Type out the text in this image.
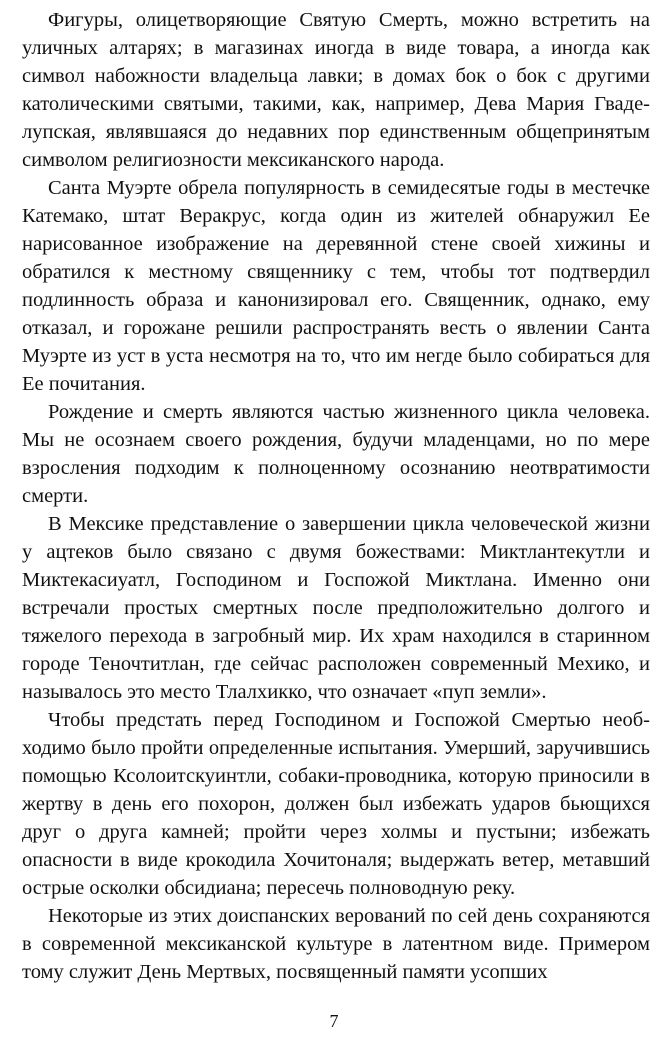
Фигуры, олицетворяющие Святую Смерть, можно встретить на уличных алтарях; в магазинах иногда в виде товара, а иногда как символ набожности владельца лавки; в домах бок о бок с другими католическими святыми, такими, как, например, Дева Мария Гваделупская, являвшаяся до недавних пор единственным общепринятым символом религиозности мексиканского народа.

Санта Муэрте обрела популярность в семидесятые годы в местечке Катемако, штат Веракрус, когда один из жителей обнаружил Ее нарисованное изображение на деревянной стене своей хижины и обратился к местному священнику с тем, чтобы тот подтвердил подлинность образа и канонизировал его. Священник, однако, ему отказал, и горожане решили распространять весть о явлении Санта Муэрте из уст в уста несмотря на то, что им негде было собираться для Ее почитания.

Рождение и смерть являются частью жизненного цикла человека. Мы не осознаем своего рождения, будучи младенцами, но по мере взросления подходим к полноценному осознанию неотвратимости смерти.

В Мексике представление о завершении цикла человеческой жизни у ацтеков было связано с двумя божествами: Миктлантекутли и Миктекасиуатл, Господином и Госпожой Миктлана. Именно они встречали простых смертных после предположительно долгого и тяжелого перехода в загробный мир. Их храм находился в старинном городе Теночтитлан, где сейчас расположен современный Мехико, и называлось это место Тлалхикко, что означает «пуп земли».

Чтобы предстать перед Господином и Госпожой Смертью необходимо было пройти определенные испытания. Умерший, заручившись помощью Ксолоитскуинтли, собаки-проводника, которую приносили в жертву в день его похорон, должен был избежать ударов бьющихся друг о друга камней; пройти через холмы и пустыни; избежать опасности в виде крокодила Хочитоналя; выдержать ветер, метавший острые осколки обсидиана; пересечь полноводную реку.

Некоторые из этих доиспанских верований по сей день сохраняются в современной мексиканской культуре в латентном виде. Примером тому служит День Мертвых, посвященный памяти усопших

7
